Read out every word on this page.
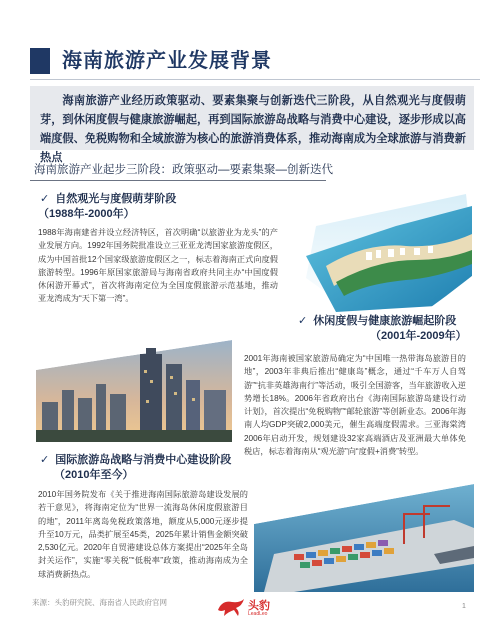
海南旅游产业发展背景
海南旅游产业经历政策驱动、要素集聚与创新迭代三阶段，从自然观光与度假萌芽，到休闲度假与健康旅游崛起，再到国际旅游岛战略与消费中心建设，逐步形成以高端度假、免税购物和全域旅游为核心的旅游消费体系，推动海南成为全球旅游与消费新热点
海南旅游产业起步三阶段：政策驱动—要素集聚—创新迭代
✓ 自然观光与度假萌芽阶段
（1988年-2000年）
1988年海南建省并设立经济特区，首次明确“以旅游业为龙头”的产业发展方向。1992年国务院批准设立三亚亚龙湾国家旅游度假区，成为中国首批12个国家级旅游度假区之一，标志着海南正式向度假旅游转型。1996年原国家旅游局与海南省政府共同主办“中国度假休闲游开幕式”，首次将海南定位为全国度假旅游示范基地，推动亚龙湾成为“天下第一湾”。
✓ 休闲度假与健康旅游崛起阶段
（2001年-2009年）
2001年海南被国家旅游局确定为“中国唯一热带海岛旅游目的地”，2003年非典后推出“健康岛”概念，通过“千车万人自驾游”“抗非英雄海南行”等活动，吸引全国游客，当年旅游收入逆势增长18%。2006年省政府出台《海南国际旅游岛建设行动计划》，首次提出“免税购物”“邮轮旅游”等创新业态。2006年海南人均GDP突破2,000美元，催生高端度假需求。三亚海棠湾2006年启动开发，规划建设32家高端酒店及亚洲最大单体免税店，标志着海南从“观光游”向“度假+消费”转型。
✓ 国际旅游岛战略与消费中心建设阶段
（2010年至今）
2010年国务院发布《关于推进海南国际旅游岛建设发展的若干意见》，将海南定位为“世界一流海岛休闲度假旅游目的地”，2011年离岛免税政策落地，额度从5,000元逐步提升至10万元，品类扩展至45类，2025年累计销售金额突破2,530亿元。2020年自贸港建设总体方案提出“2025年全岛封关运作”，实施“零关税”“低税率”政策，推动海南成为全球消费新热点。
来源：头豹研究院、海南省人民政府官网	头豹
LeadLeo
1
